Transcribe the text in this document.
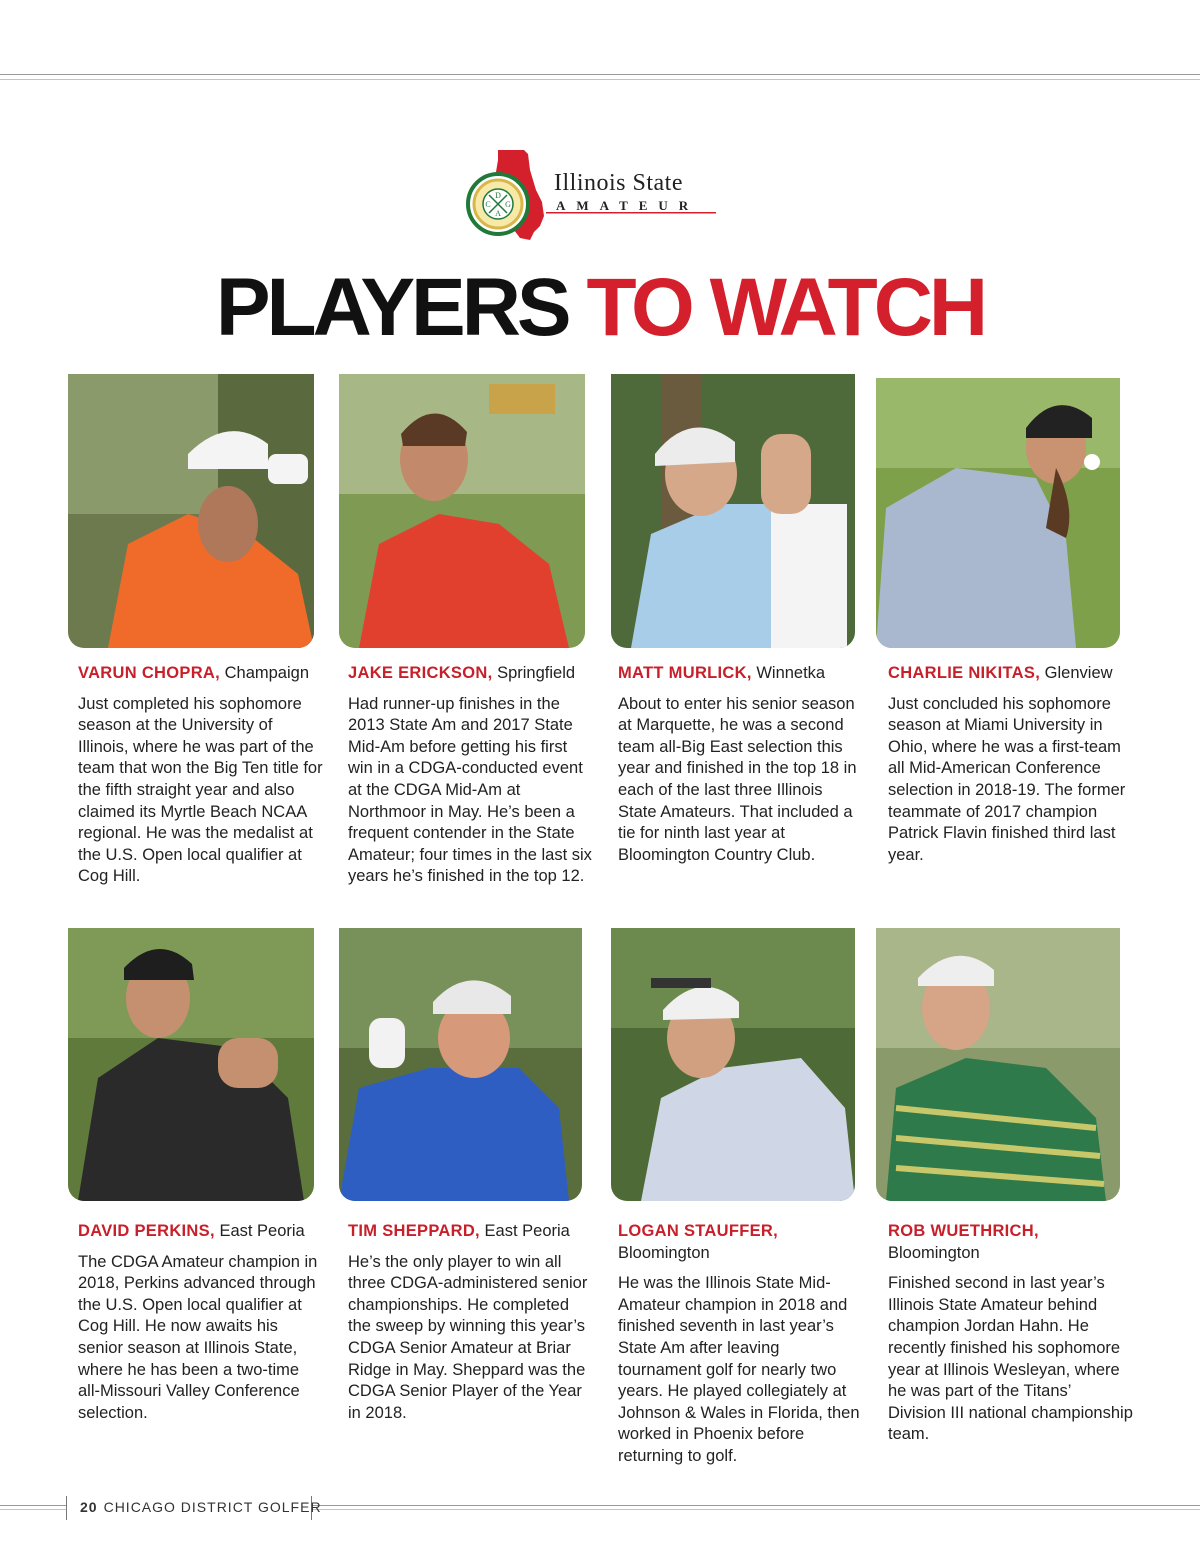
D
C G
A
Illinois State
AMATEUR
PLAYERS TO WATCH
VARUN CHOPRA, Champaign
Just completed his sophomore season at the University of Illinois, where he was part of the team that won the Big Ten title for the fifth straight year and also claimed its Myrtle Beach NCAA regional. He was the medalist at the U.S. Open local qualifier at Cog Hill.
JAKE ERICKSON, Springfield
Had runner-up finishes in the 2013 State Am and 2017 State Mid-Am before getting his first win in a CDGA-conducted event at the CDGA Mid-Am at Northmoor in May. He’s been a frequent contender in the State Amateur; four times in the last six years he’s finished in the top 12.
MATT MURLICK, Winnetka
About to enter his senior season at Marquette, he was a second team all-Big East selection this year and finished in the top 18 in each of the last three Illinois State Amateurs. That included a tie for ninth last year at Bloomington Country Club.
CHARLIE NIKITAS, Glenview
Just concluded his sophomore season at Miami University in Ohio, where he was a first-team all Mid-American Conference selection in 2018-19. The former teammate of 2017 champion Patrick Flavin finished third last year.
DAVID PERKINS, East Peoria
The CDGA Amateur champion in 2018, Perkins advanced through the U.S. Open local qualifier at Cog Hill. He now awaits his senior season at Illinois State, where he has been a two-time all-Missouri Valley Conference selection.
TIM SHEPPARD, East Peoria
He’s the only player to win all three CDGA-administered senior championships. He completed the sweep by winning this year’s CDGA Senior Amateur at Briar Ridge in May. Sheppard was the CDGA Senior Player of the Year in 2018.
LOGAN STAUFFER,
Bloomington
He was the Illinois State Mid-Amateur champion in 2018 and finished seventh in last year’s State Am after leaving tournament golf for nearly two years. He played collegiately at Johnson & Wales in Florida, then worked in Phoenix before returning to golf.
ROB WUETHRICH,
Bloomington
Finished second in last year’s Illinois State Amateur behind champion Jordan Hahn. He recently finished his sophomore year at Illinois Wesleyan, where he was part of the Titans’ Division III national championship team.
20 CHICAGO DISTRICT GOLFER
